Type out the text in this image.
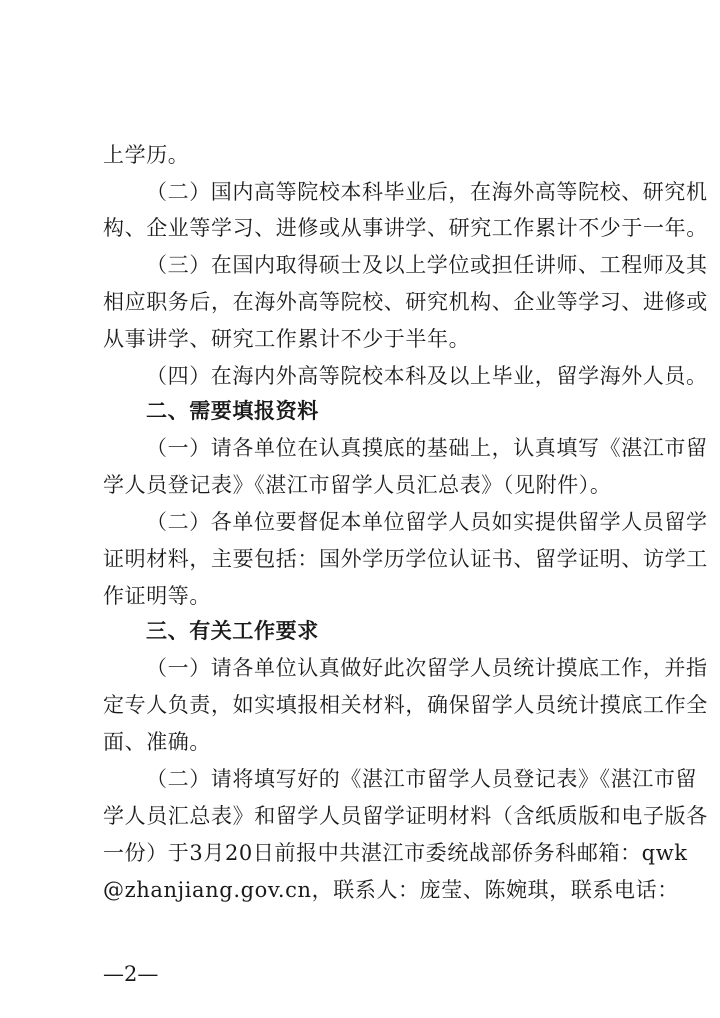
上学历。
（二）国内高等院校本科毕业后，在海外高等院校、研究机
构、企业等学习、进修或从事讲学、研究工作累计不少于一年。
（三）在国内取得硕士及以上学位或担任讲师、工程师及其
相应职务后，在海外高等院校、研究机构、企业等学习、进修或
从事讲学、研究工作累计不少于半年。
（四）在海内外高等院校本科及以上毕业，留学海外人员。
二、需要填报资料
（一）请各单位在认真摸底的基础上，认真填写《湛江市留
学人员登记表》《湛江市留学人员汇总表》（见附件）。
（二）各单位要督促本单位留学人员如实提供留学人员留学
证明材料，主要包括：国外学历学位认证书、留学证明、访学工
作证明等。
三、有关工作要求
（一）请各单位认真做好此次留学人员统计摸底工作，并指
定专人负责，如实填报相关材料，确保留学人员统计摸底工作全
面、准确。
（二）请将填写好的《湛江市留学人员登记表》《湛江市留
学人员汇总表》和留学人员留学证明材料（含纸质版和电子版各
一份）于3月20日前报中共湛江市委统战部侨务科邮箱：qwk
@zhanjiang.gov.cn，联系人：庞莹、陈婉琪，联系电话：
—2—
